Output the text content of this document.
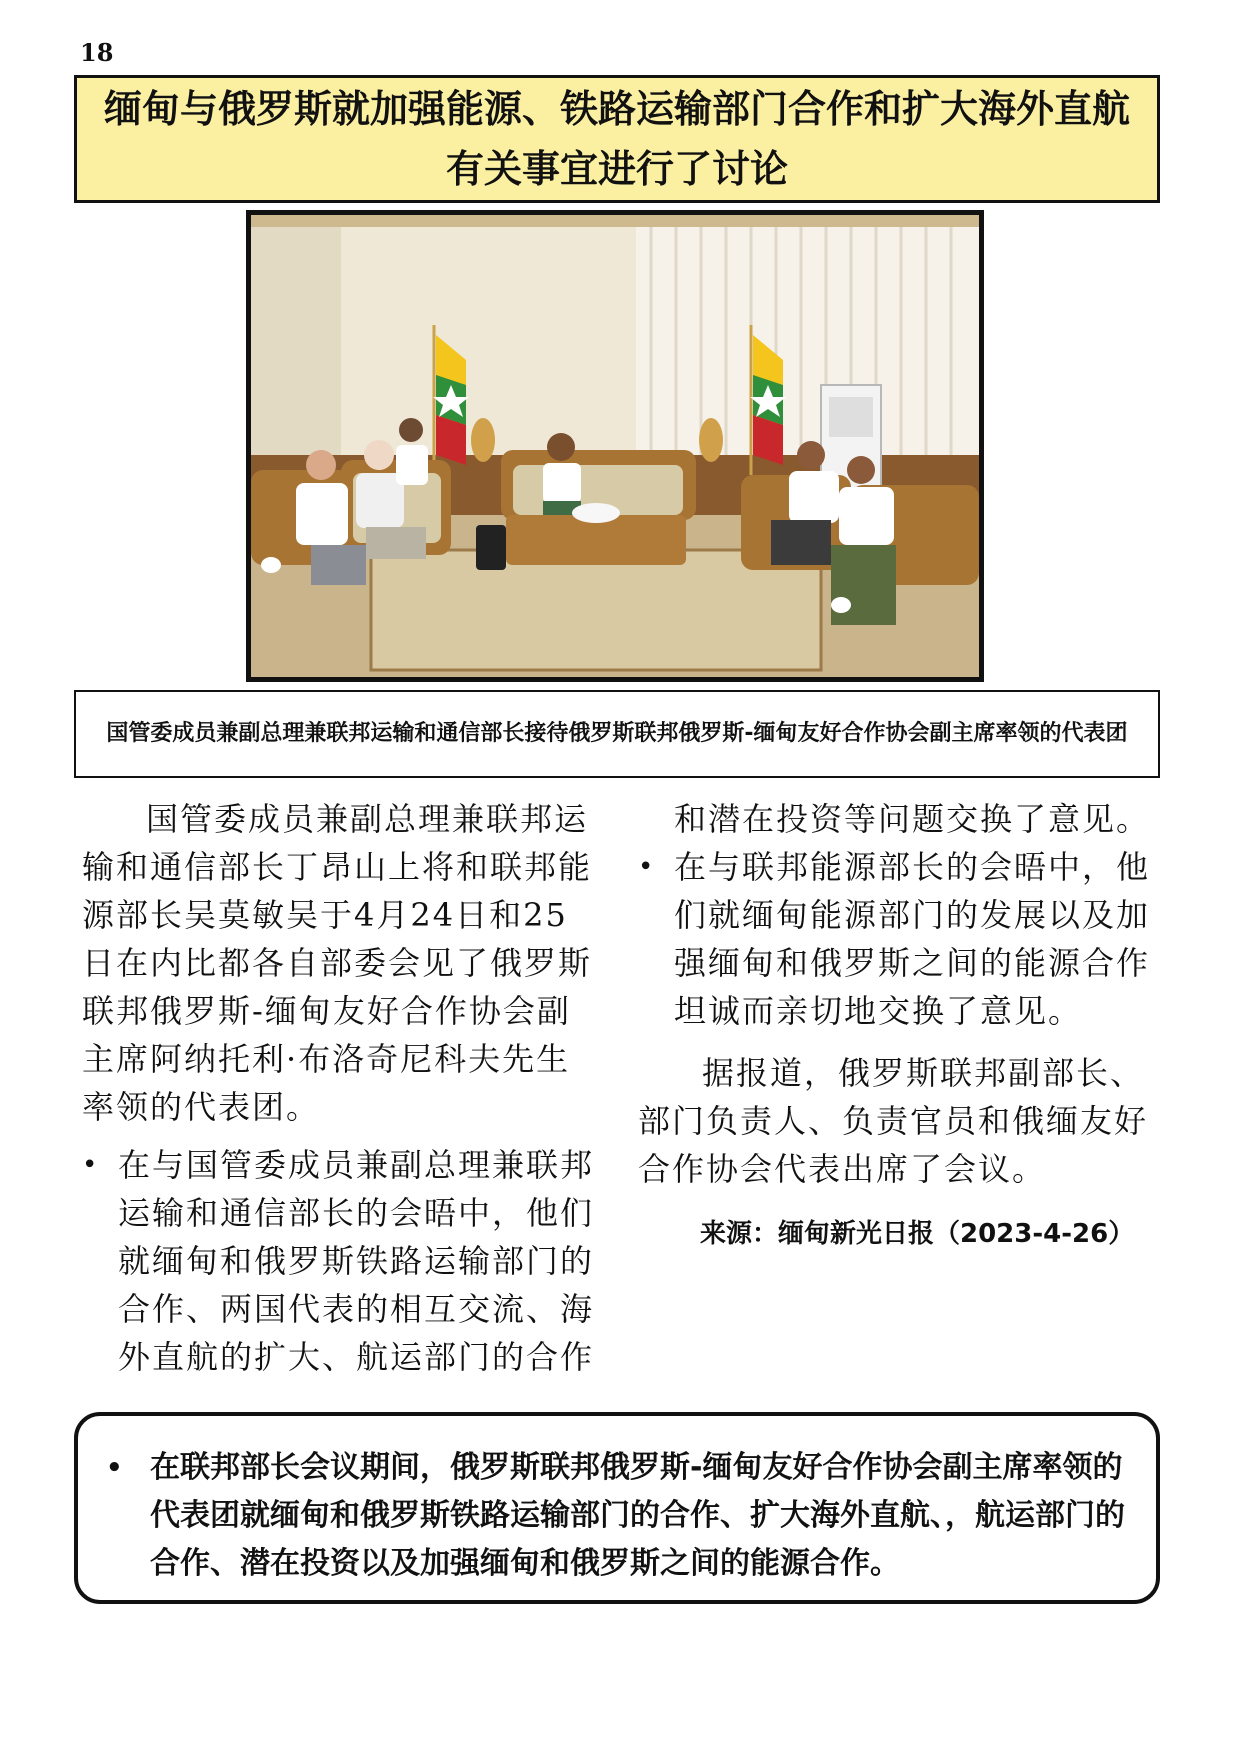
18
缅甸与俄罗斯就加强能源、铁路运输部门合作和扩大海外直航有关事宜进行了讨论
国管委成员兼副总理兼联邦运输和通信部长接待俄罗斯联邦俄罗斯-缅甸友好合作协会副主席率领的代表团

国管委成员兼副总理兼联邦运输和通信部长丁昂山上将和联邦能源部长吴莫敏吴于4月24日和25日在内比都各自部委会见了俄罗斯联邦俄罗斯-缅甸友好合作协会副主席阿纳托利·布洛奇尼科夫先生率领的代表团。

• 在与国管委成员兼副总理兼联邦运输和通信部长的会晤中，他们就缅甸和俄罗斯铁路运输部门的合作、两国代表的相互交流、海外直航的扩大、航运部门的合作
和潜在投资等问题交换了意见。
• 在与联邦能源部长的会晤中，他们就缅甸能源部门的发展以及加强缅甸和俄罗斯之间的能源合作坦诚而亲切地交换了意见。

据报道，俄罗斯联邦副部长、部门负责人、负责官员和俄缅友好合作协会代表出席了会议。

来源：缅甸新光日报（2023-4-26）
• 在联邦部长会议期间，俄罗斯联邦俄罗斯-缅甸友好合作协会副主席率领的代表团就缅甸和俄罗斯铁路运输部门的合作、扩大海外直航、，航运部门的合作、潜在投资以及加强缅甸和俄罗斯之间的能源合作。
